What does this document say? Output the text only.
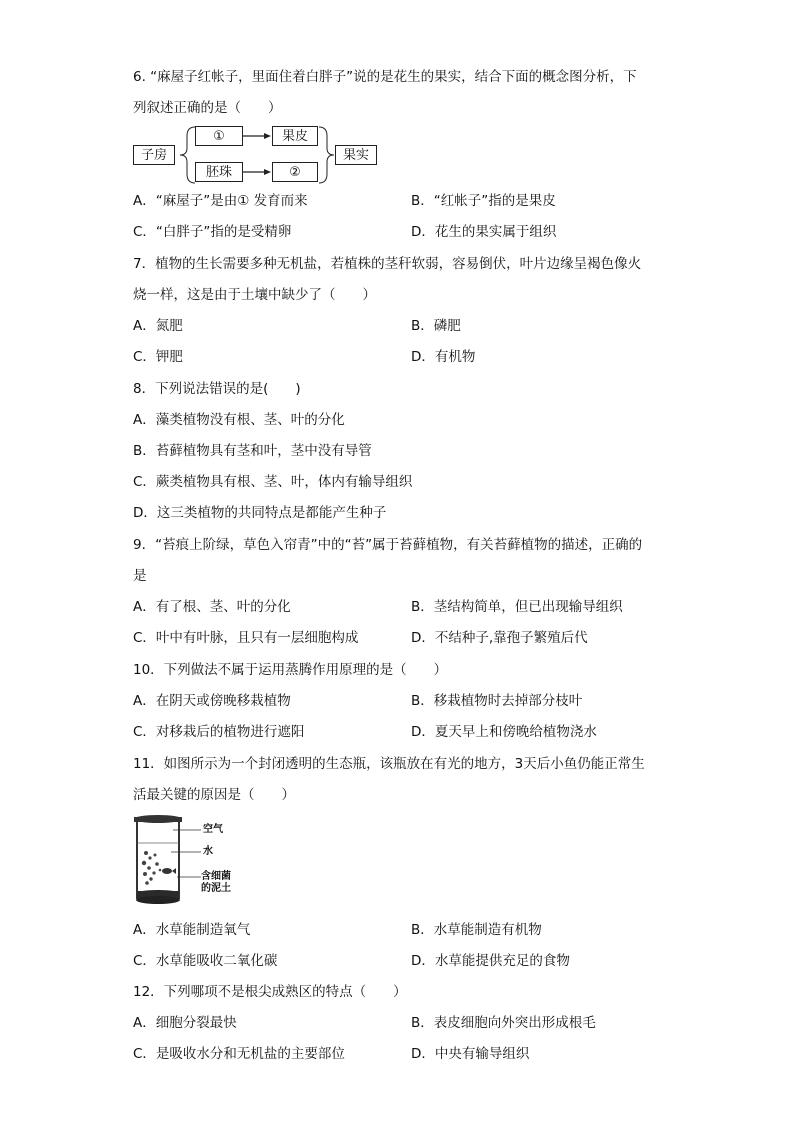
6. “麻屋子红帐子，里面住着白胖子”说的是花生的果实，结合下面的概念图分析，下
列叙述正确的是（　　）
子房
①	果皮
胚珠	②
果实
A．“麻屋子”是由① 发育而来	B．“红帐子”指的是果皮
C．“白胖子”指的是受精卵	D．花生的果实属于组织
7．植物的生长需要多种无机盐，若植株的茎秆软弱，容易倒伏，叶片边缘呈褐色像火
烧一样，这是由于土壤中缺少了（　　）
A．氮肥	B．磷肥
C．钾肥	D．有机物
8．下列说法错误的是(　　)
A．藻类植物没有根、茎、叶的分化
B．苔藓植物具有茎和叶，茎中没有导管
C．蕨类植物具有根、茎、叶，体内有输导组织
D．这三类植物的共同特点是都能产生种子
9．“苔痕上阶绿，草色入帘青”中的“苔”属于苔藓植物，有关苔藓植物的描述，正确的
是
A．有了根、茎、叶的分化	B．茎结构简单，但已出现输导组织
C．叶中有叶脉，且只有一层细胞构成	D．不结种子,靠孢子繁殖后代
10．下列做法不属于运用蒸腾作用原理的是（　　）
A．在阴天或傍晚移栽植物	B．移栽植物时去掉部分枝叶
C．对移栽后的植物进行遮阳	D．夏天早上和傍晚给植物浇水
11．如图所示为一个封闭透明的生态瓶，该瓶放在有光的地方，3天后小鱼仍能正常生
活最关键的原因是（　　）
空气
水
含细菌
的泥土
A．水草能制造氧气	B．水草能制造有机物
C．水草能吸收二氧化碳	D．水草能提供充足的食物
12．下列哪项不是根尖成熟区的特点（　　）
A．细胞分裂最快	B．表皮细胞向外突出形成根毛
C．是吸收水分和无机盐的主要部位	D．中央有输导组织
